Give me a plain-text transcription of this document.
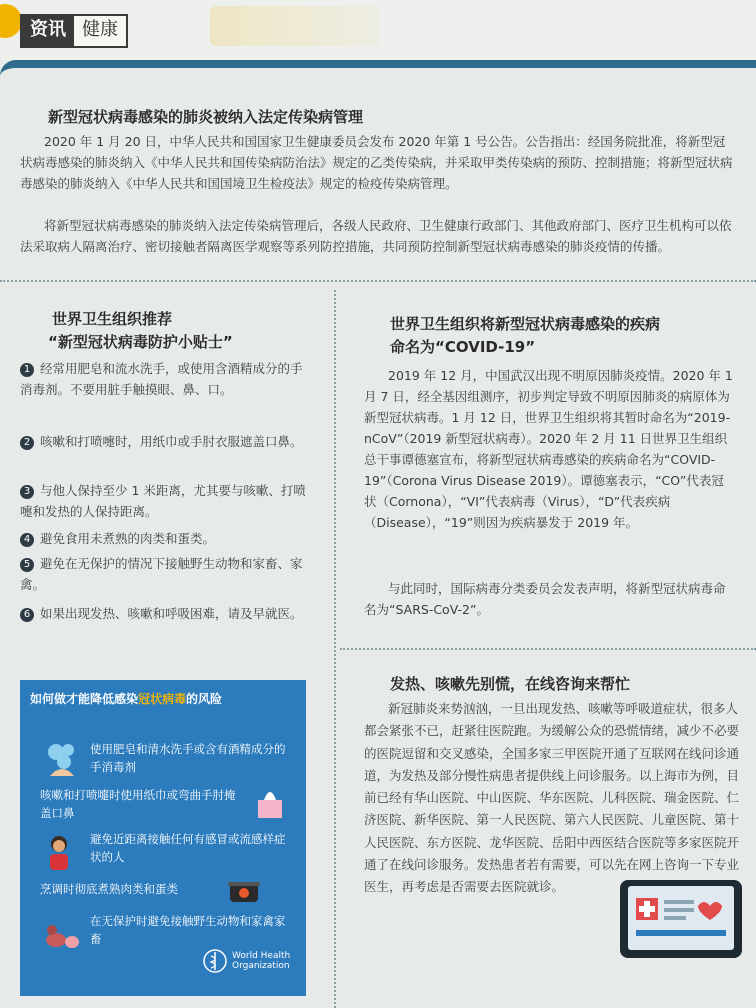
资讯 健康
新型冠状病毒感染的肺炎被纳入法定传染病管理
2020 年 1 月 20 日，中华人民共和国国家卫生健康委员会发布 2020 年第 1 号公告。公告指出：经国务院批准，将新型冠状病毒感染的肺炎纳入《中华人民共和国传染病防治法》规定的乙类传染病，并采取甲类传染病的预防、控制措施；将新型冠状病毒感染的肺炎纳入《中华人民共和国国境卫生检疫法》规定的检疫传染病管理。
将新型冠状病毒感染的肺炎纳入法定传染病管理后，各级人民政府、卫生健康行政部门、其他政府部门、医疗卫生机构可以依法采取病人隔离治疗、密切接触者隔离医学观察等系列防控措施，共同预防控制新型冠状病毒感染的肺炎疫情的传播。
世界卫生组织推荐
“新型冠状病毒防护小贴士”
1 经常用肥皂和流水洗手，或使用含酒精成分的手消毒剂。不要用脏手触摸眼、鼻、口。
2 咳嗽和打喷嚏时，用纸巾或手肘衣服遮盖口鼻。
3 与他人保持至少 1 米距离，尤其要与咳嗽、打喷嚏和发热的人保持距离。
4 避免食用未煮熟的肉类和蛋类。
5 避免在无保护的情况下接触野生动物和家畜、家禽。
6 如果出现发热、咳嗽和呼吸困难，请及早就医。
世界卫生组织将新型冠状病毒感染的疾病
命名为“COVID-19”
2019 年 12 月，中国武汉出现不明原因肺炎疫情。2020 年 1 月 7 日，经全基因组测序，初步判定导致不明原因肺炎的病原体为新型冠状病毒。1 月 12 日，世界卫生组织将其暂时命名为“2019-nCoV”（2019 新型冠状病毒）。2020 年 2 月 11 日世界卫生组织总干事谭德塞宣布，将新型冠状病毒感染的疾病命名为“COVID-19”（Corona Virus Disease 2019）。谭德塞表示，“CO”代表冠状（Cornona），“VI”代表病毒（Virus），“D”代表疾病（Disease），“19”则因为疾病暴发于 2019 年。
与此同时，国际病毒分类委员会发表声明，将新型冠状病毒命名为“SARS-CoV-2”。
发热、咳嗽先别慌，在线咨询来帮忙
新冠肺炎来势汹汹，一旦出现发热、咳嗽等呼吸道症状，很多人都会紧张不已，赶紧往医院跑。为缓解公众的恐慌情绪，减少不必要的医院逗留和交叉感染，全国多家三甲医院开通了互联网在线问诊通道，为发热及部分慢性病患者提供线上问诊服务。以上海市为例，目前已经有华山医院、中山医院、华东医院、儿科医院、瑞金医院、仁济医院、新华医院、第一人民医院、第六人民医院、儿童医院、第十人民医院、东方医院、龙华医院、岳阳中西医结合医院等多家医院开通了在线问诊服务。发热患者若有需要，可以先在网上咨询一下专业医生，再考虑是否需要去医院就诊。
如何做才能降低感染冠状病毒的风险
使用肥皂和清水洗手或含有酒精成分的手消毒剂
咳嗽和打喷嚏时使用纸巾或弯曲手肘掩盖口鼻
避免近距离接触任何有感冒或流感样症状的人
烹调时彻底煮熟肉类和蛋类
在无保护时避免接触野生动物和家禽家畜
World Health
Organization
